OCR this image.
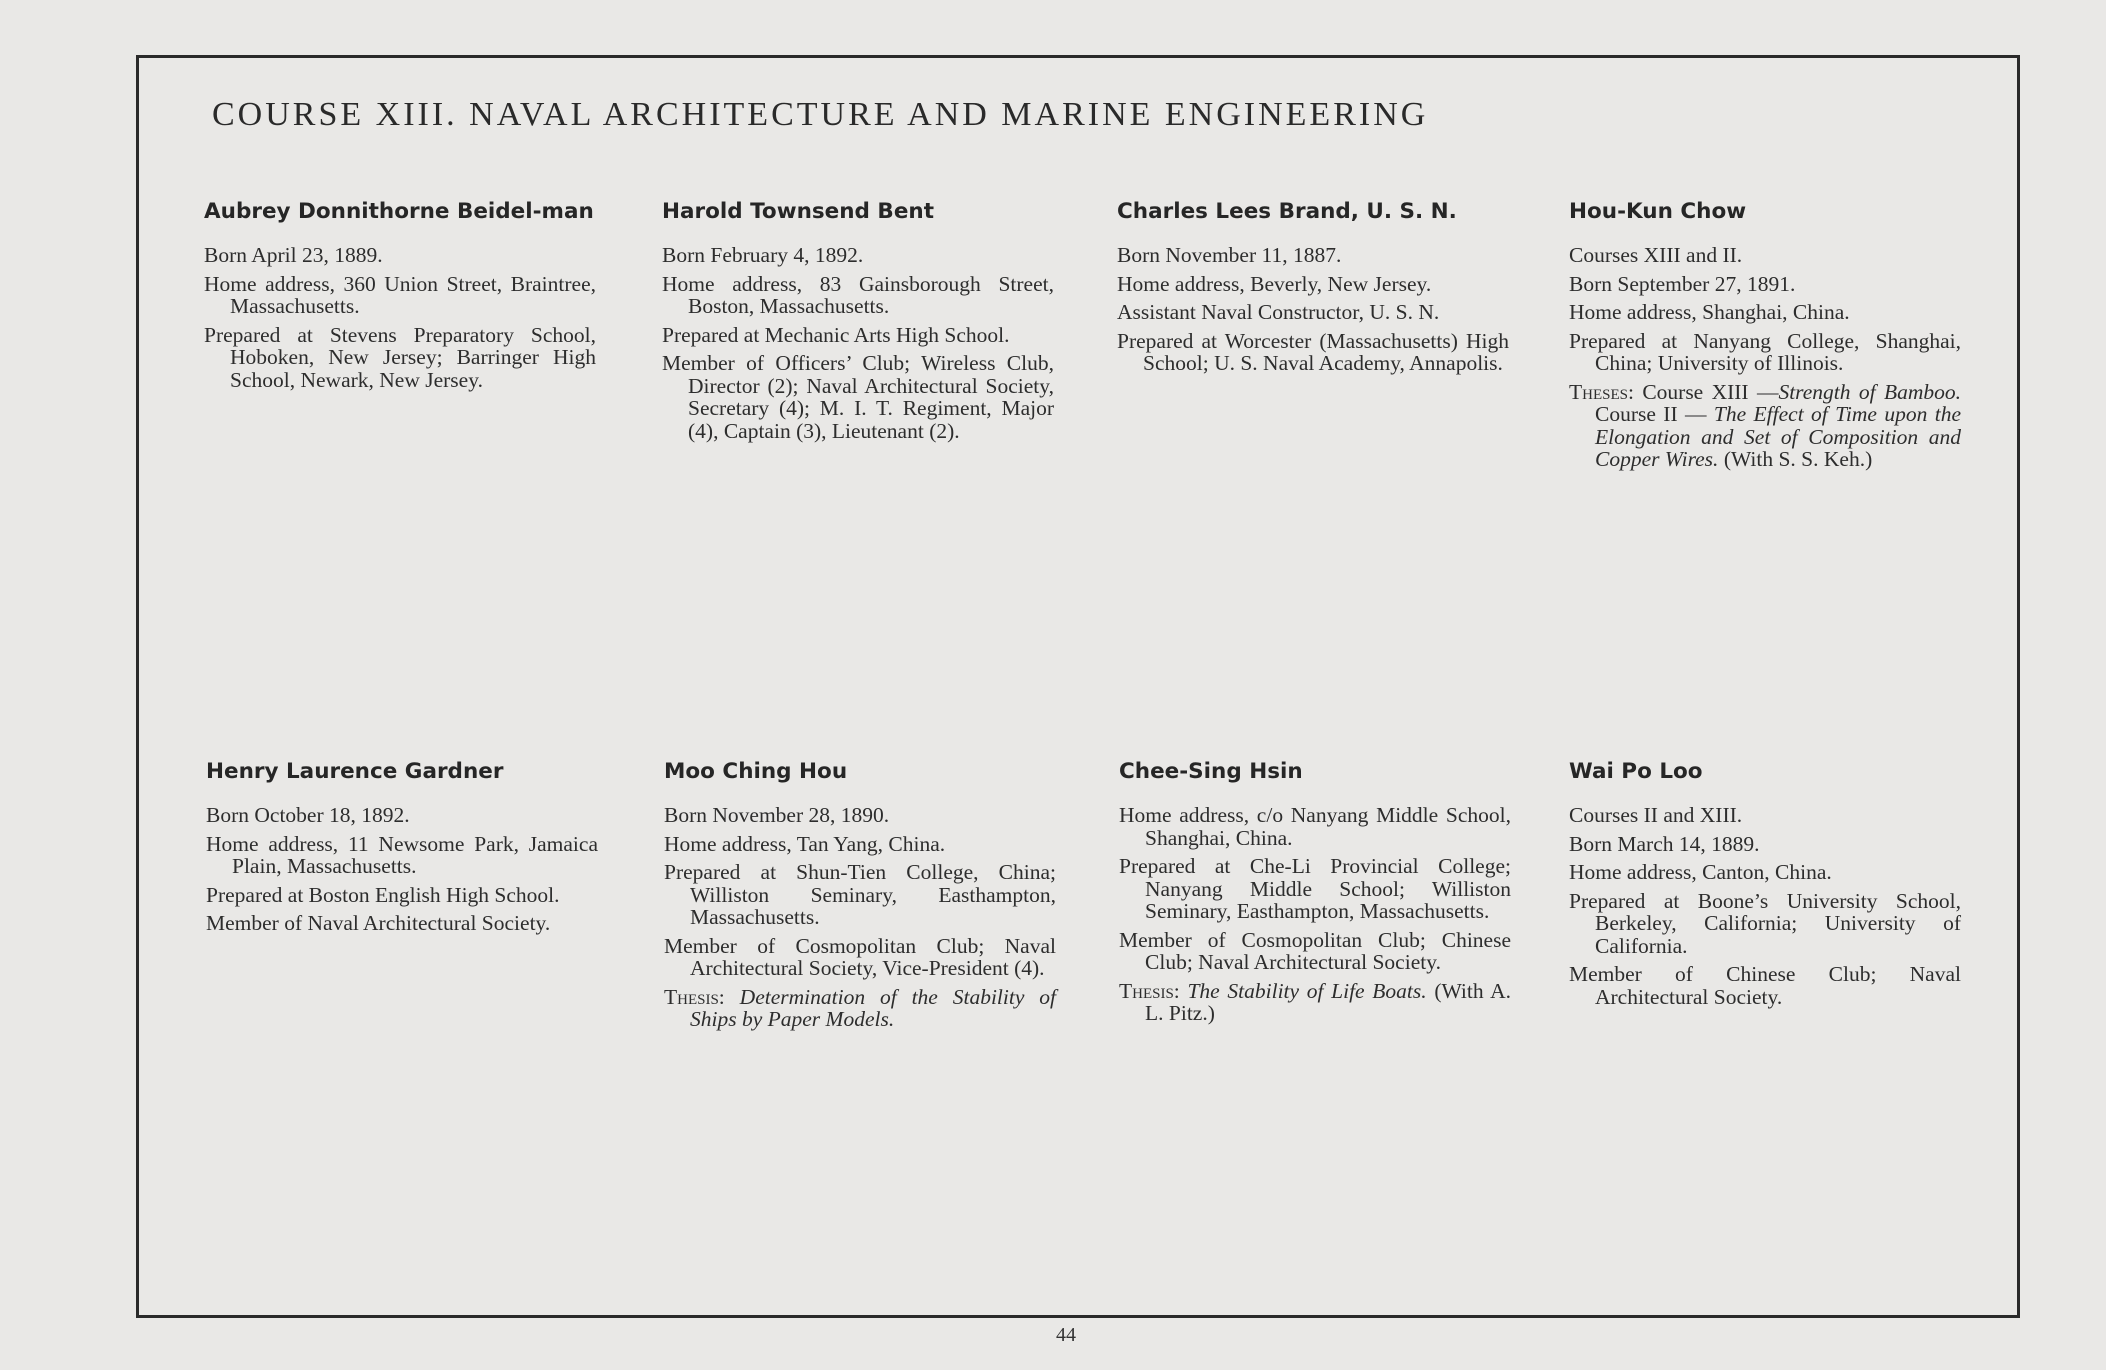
COURSE XIII. NAVAL ARCHITECTURE AND MARINE ENGINEERING

Aubrey Donnithorne Beidel-man

Born April 23, 1889.

Home address, 360 Union Street, Braintree, Massachusetts.

Prepared at Stevens Preparatory School, Hoboken, New Jersey; Barringer High School, Newark, New Jersey.

Harold Townsend Bent

Born February 4, 1892.

Home address, 83 Gainsborough Street, Boston, Massachusetts.

Prepared at Mechanic Arts High School.

Member of Officers’ Club; Wireless Club, Director (2); Naval Architectural Society, Secretary (4); M. I. T. Regiment, Major (4), Captain (3), Lieutenant (2).

Charles Lees Brand, U. S. N.

Born November 11, 1887.

Home address, Beverly, New Jersey.

Assistant Naval Constructor, U. S. N.

Prepared at Worcester (Massachusetts) High School; U. S. Naval Academy, Annapolis.

Hou-Kun Chow

Courses XIII and II.

Born September 27, 1891.

Home address, Shanghai, China.

Prepared at Nanyang College, Shanghai, China; University of Illinois.

Theses: Course XIII —Strength of Bamboo. Course II — The Effect of Time upon the Elongation and Set of Composition and Copper Wires. (With S. S. Keh.)

Henry Laurence Gardner

Born October 18, 1892.

Home address, 11 Newsome Park, Jamaica Plain, Massachusetts.

Prepared at Boston English High School.

Member of Naval Architectural Society.

Moo Ching Hou

Born November 28, 1890.

Home address, Tan Yang, China.

Prepared at Shun-Tien College, China; Williston Seminary, Easthampton, Massachusetts.

Member of Cosmopolitan Club; Naval Architectural Society, Vice-President (4).

Thesis: Determination of the Stability of Ships by Paper Models.

Chee-Sing Hsin

Home address, c/o Nanyang Middle School, Shanghai, China.

Prepared at Che-Li Provincial College; Nanyang Middle School; Williston Seminary, Easthampton, Massachusetts.

Member of Cosmopolitan Club; Chinese Club; Naval Architectural Society.

Thesis: The Stability of Life Boats. (With A. L. Pitz.)

Wai Po Loo

Courses II and XIII.

Born March 14, 1889.

Home address, Canton, China.

Prepared at Boone’s University School, Berkeley, California; University of California.

Member of Chinese Club; Naval Architectural Society.

44
